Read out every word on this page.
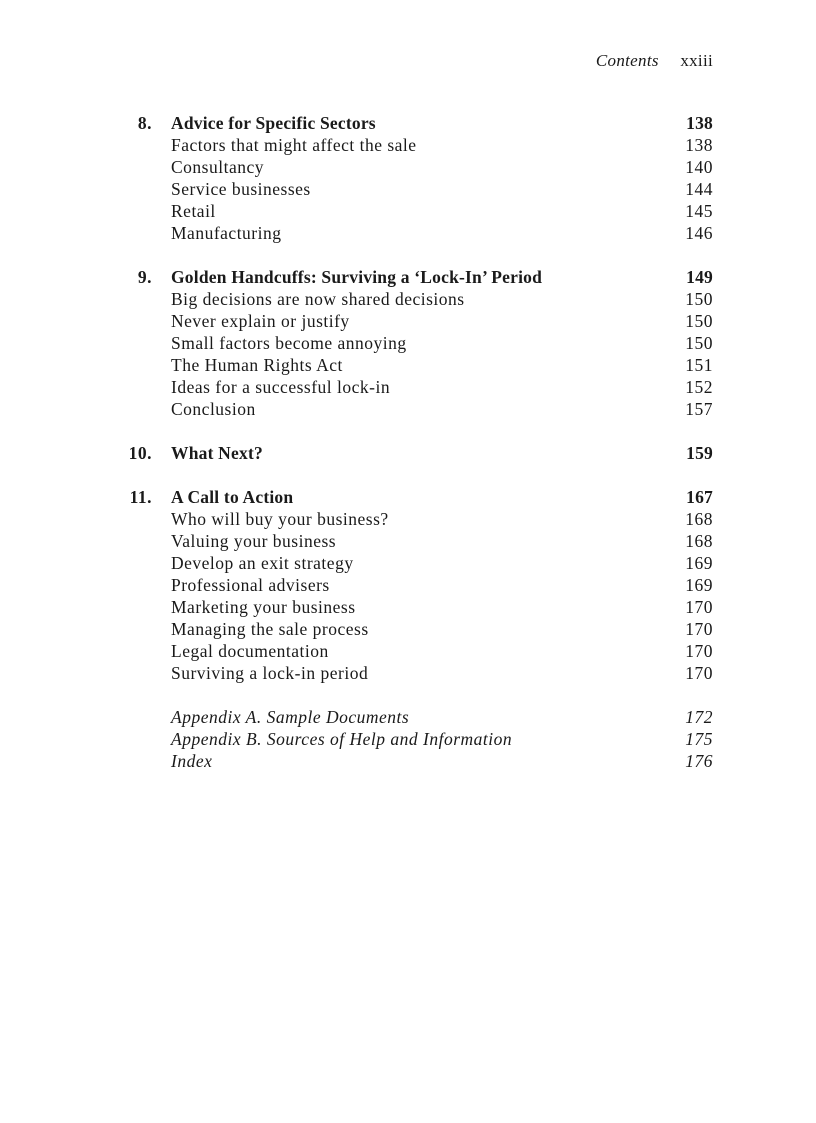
Contents xxiii
8. Advice for Specific Sectors	138
Factors that might affect the sale	138
Consultancy	140
Service businesses	144
Retail	145
Manufacturing	146
9. Golden Handcuffs: Surviving a ‘Lock-In’ Period	149
Big decisions are now shared decisions	150
Never explain or justify	150
Small factors become annoying	150
The Human Rights Act	151
Ideas for a successful lock-in	152
Conclusion	157
10. What Next?	159
11. A Call to Action	167
Who will buy your business?	168
Valuing your business	168
Develop an exit strategy	169
Professional advisers	169
Marketing your business	170
Managing the sale process	170
Legal documentation	170
Surviving a lock-in period	170
Appendix A. Sample Documents	172
Appendix B. Sources of Help and Information	175
Index	176
